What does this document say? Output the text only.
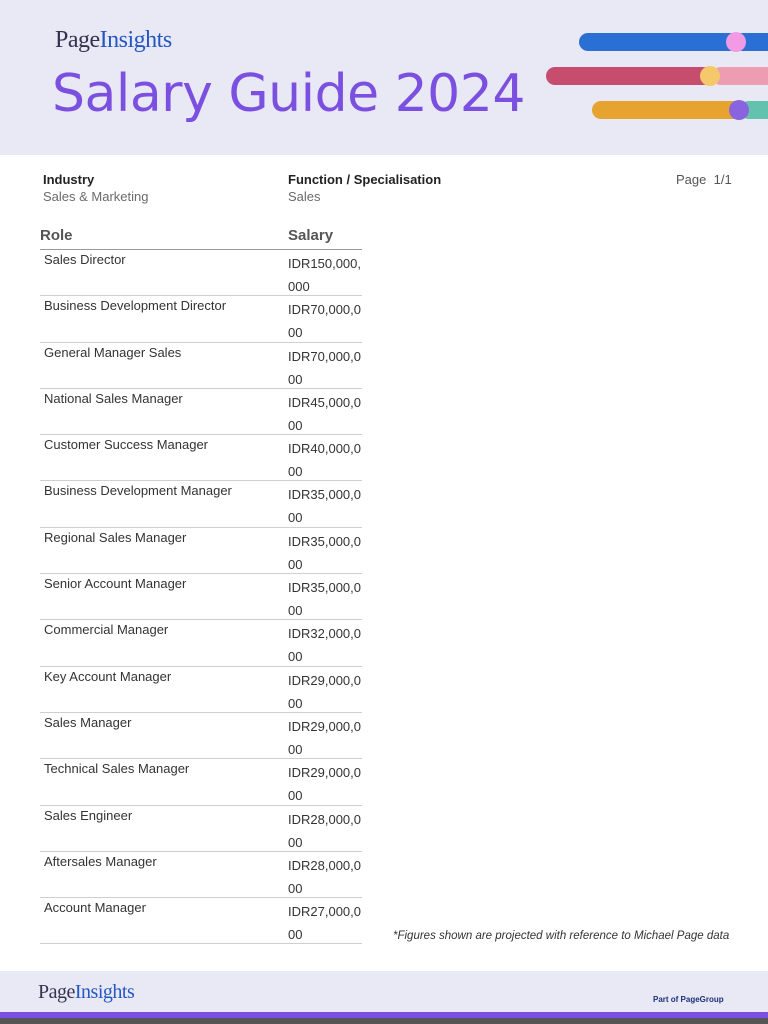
PageInsights
Salary Guide 2024
Industry
Sales & Marketing
Function / Specialisation
Sales
Page 1/1
Role	Salary
Sales Director	IDR150,000,000
Business Development Director	IDR70,000,000
General Manager Sales	IDR70,000,000
National Sales Manager	IDR45,000,000
Customer Success Manager	IDR40,000,000
Business Development Manager	IDR35,000,000
Regional Sales Manager	IDR35,000,000
Senior Account Manager	IDR35,000,000
Commercial Manager	IDR32,000,000
Key Account Manager	IDR29,000,000
Sales Manager	IDR29,000,000
Technical Sales Manager	IDR29,000,000
Sales Engineer	IDR28,000,000
Aftersales Manager	IDR28,000,000
Account Manager	IDR27,000,000	*Figures shown are projected with reference to Michael Page data
PageInsights	Part of PageGroup
